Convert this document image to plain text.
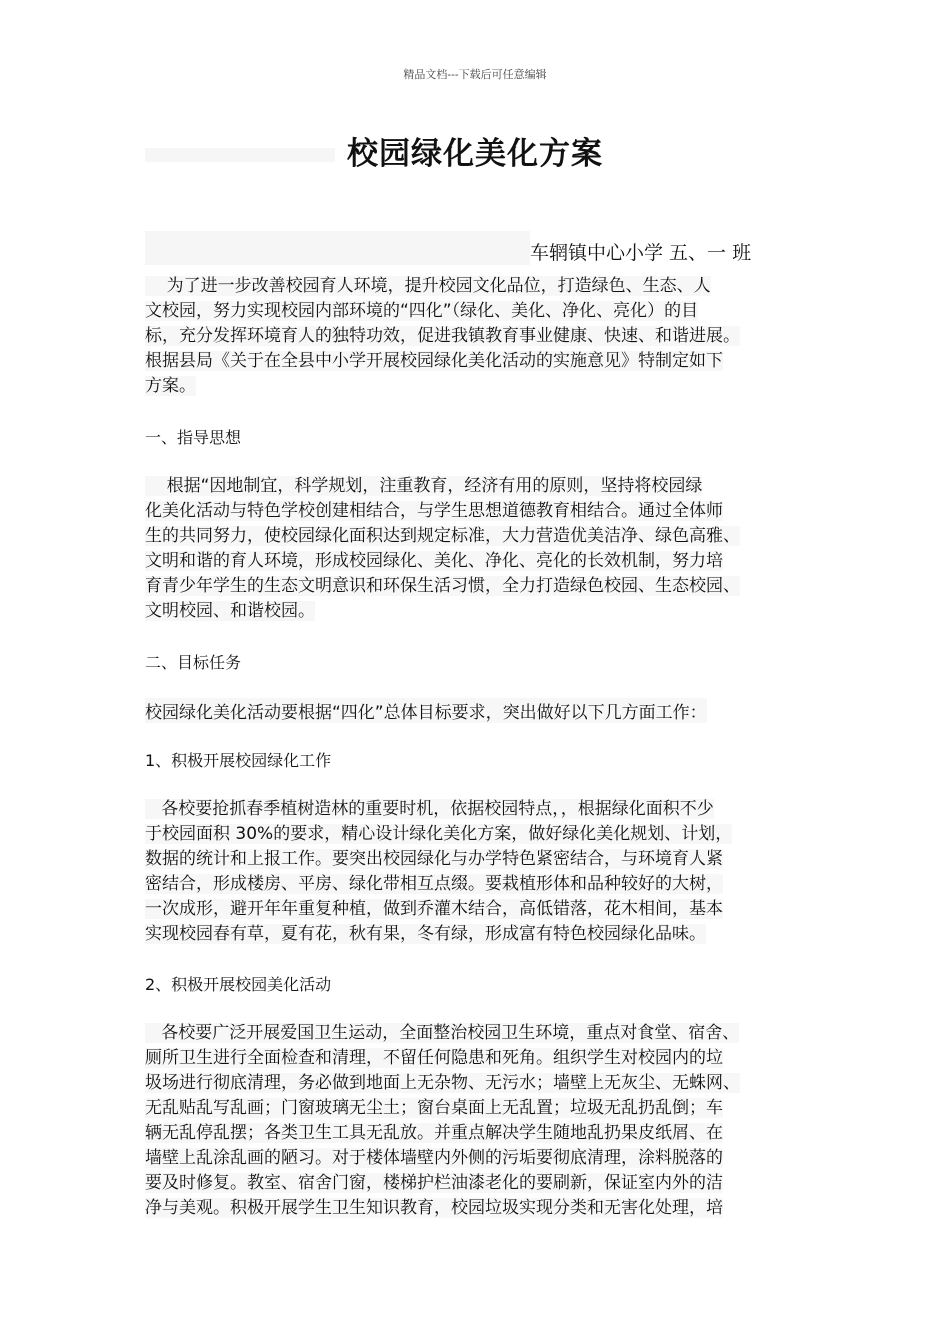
精品文档---下载后可任意编辑
校园绿化美化方案
车辋镇中心小学 五、一 班
为了进一步改善校园育人环境，提升校园文化品位，打造绿色、生态、人
文校园，努力实现校园内部环境的“四化”（绿化、美化、净化、亮化）的目
标，充分发挥环境育人的独特功效，促进我镇教育事业健康、快速、和谐进展。
根据县局《关于在全县中小学开展校园绿化美化活动的实施意见》特制定如下
方案。
一、指导思想
根据“因地制宜，科学规划，注重教育，经济有用的原则，坚持将校园绿
化美化活动与特色学校创建相结合，与学生思想道德教育相结合。通过全体师
生的共同努力，使校园绿化面积达到规定标准，大力营造优美洁净、绿色高雅、
文明和谐的育人环境，形成校园绿化、美化、净化、亮化的长效机制，努力培
育青少年学生的生态文明意识和环保生活习惯，全力打造绿色校园、生态校园、
文明校园、和谐校园。
二、目标任务
校园绿化美化活动要根据“四化”总体目标要求，突出做好以下几方面工作：
1、积极开展校园绿化工作
各校要抢抓春季植树造林的重要时机，依据校园特点，，根据绿化面积不少
于校园面积 30%的要求，精心设计绿化美化方案，做好绿化美化规划、计划，
数据的统计和上报工作。要突出校园绿化与办学特色紧密结合，与环境育人紧
密结合，形成楼房、平房、绿化带相互点缀。要栽植形体和品种较好的大树，
一次成形，避开年年重复种植，做到乔灌木结合，高低错落，花木相间，基本
实现校园春有草，夏有花，秋有果，冬有绿，形成富有特色校园绿化品味。
2、积极开展校园美化活动
各校要广泛开展爱国卫生运动，全面整治校园卫生环境，重点对食堂、宿舍、
厕所卫生进行全面检查和清理，不留任何隐患和死角。组织学生对校园内的垃
圾场进行彻底清理，务必做到地面上无杂物、无污水；墙壁上无灰尘、无蛛网、
无乱贴乱写乱画；门窗玻璃无尘土；窗台桌面上无乱置；垃圾无乱扔乱倒；车
辆无乱停乱摆；各类卫生工具无乱放。并重点解决学生随地乱扔果皮纸屑、在
墙壁上乱涂乱画的陋习。对于楼体墙壁内外侧的污垢要彻底清理，涂料脱落的
要及时修复。教室、宿舍门窗，楼梯护栏油漆老化的要刷新，保证室内外的洁
净与美观。积极开展学生卫生知识教育，校园垃圾实现分类和无害化处理，培
